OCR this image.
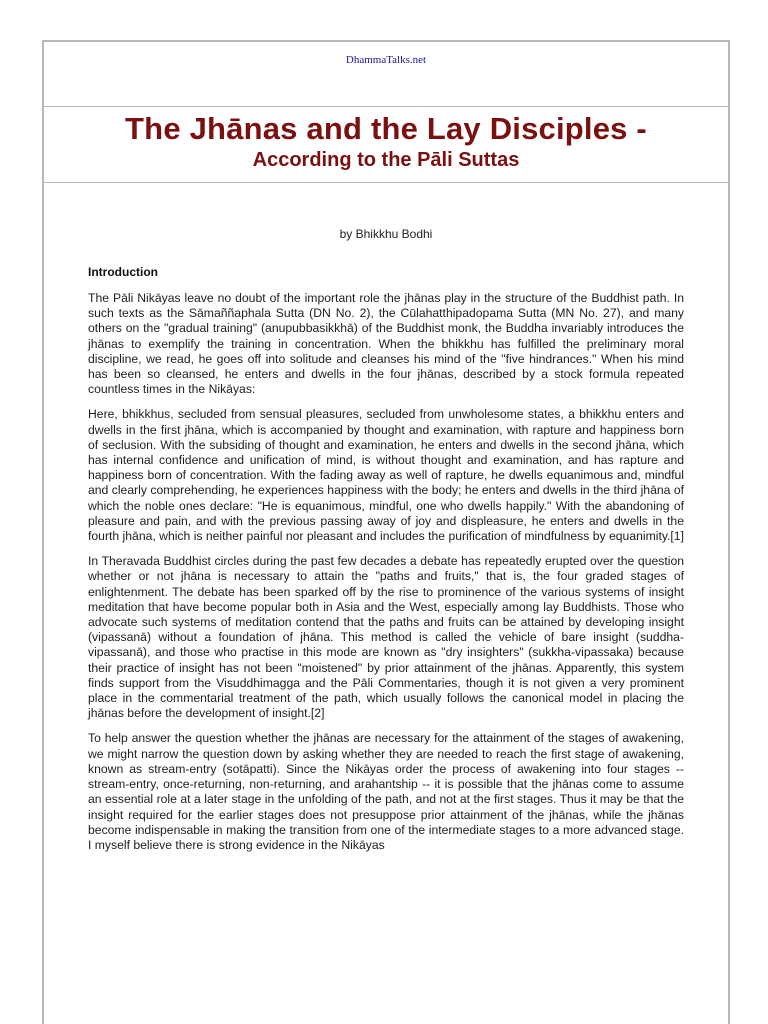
DhammaTalks.net
The Jhānas and the Lay Disciples -
According to the Pāli Suttas
by Bhikkhu Bodhi
Introduction

The Pāli Nikāyas leave no doubt of the important role the jhānas play in the structure of the Buddhist path. In such texts as the Sāmaññaphala Sutta (DN No. 2), the Cūlahatthipadopama Sutta (MN No. 27), and many others on the "gradual training" (anupubbasikkhā) of the Buddhist monk, the Buddha invariably introduces the jhānas to exemplify the training in concentration. When the bhikkhu has fulfilled the preliminary moral discipline, we read, he goes off into solitude and cleanses his mind of the "five hindrances." When his mind has been so cleansed, he enters and dwells in the four jhānas, described by a stock formula repeated countless times in the Nikāyas:

Here, bhikkhus, secluded from sensual pleasures, secluded from unwholesome states, a bhikkhu enters and dwells in the first jhāna, which is accompanied by thought and examination, with rapture and happiness born of seclusion. With the subsiding of thought and examination, he enters and dwells in the second jhāna, which has internal confidence and unification of mind, is without thought and examination, and has rapture and happiness born of concentration. With the fading away as well of rapture, he dwells equanimous and, mindful and clearly comprehending, he experiences happiness with the body; he enters and dwells in the third jhāna of which the noble ones declare: "He is equanimous, mindful, one who dwells happily." With the abandoning of pleasure and pain, and with the previous passing away of joy and displeasure, he enters and dwells in the fourth jhāna, which is neither painful nor pleasant and includes the purification of mindfulness by equanimity.[1]

In Theravada Buddhist circles during the past few decades a debate has repeatedly erupted over the question whether or not jhāna is necessary to attain the "paths and fruits," that is, the four graded stages of enlightenment. The debate has been sparked off by the rise to prominence of the various systems of insight meditation that have become popular both in Asia and the West, especially among lay Buddhists. Those who advocate such systems of meditation contend that the paths and fruits can be attained by developing insight (vipassanā) without a foundation of jhāna. This method is called the vehicle of bare insight (suddha-vipassanā), and those who practise in this mode are known as "dry insighters" (sukkha-vipassaka) because their practice of insight has not been "moistened" by prior attainment of the jhānas. Apparently, this system finds support from the Visuddhimagga and the Pāli Commentaries, though it is not given a very prominent place in the commentarial treatment of the path, which usually follows the canonical model in placing the jhānas before the development of insight.[2]

To help answer the question whether the jhānas are necessary for the attainment of the stages of awakening, we might narrow the question down by asking whether they are needed to reach the first stage of awakening, known as stream-entry (sotāpatti). Since the Nikāyas order the process of awakening into four stages -- stream-entry, once-returning, non-returning, and arahantship -- it is possible that the jhānas come to assume an essential role at a later stage in the unfolding of the path, and not at the first stages. Thus it may be that the insight required for the earlier stages does not presuppose prior attainment of the jhānas, while the jhānas become indispensable in making the transition from one of the intermediate stages to a more advanced stage. I myself believe there is strong evidence in the Nikāyas
